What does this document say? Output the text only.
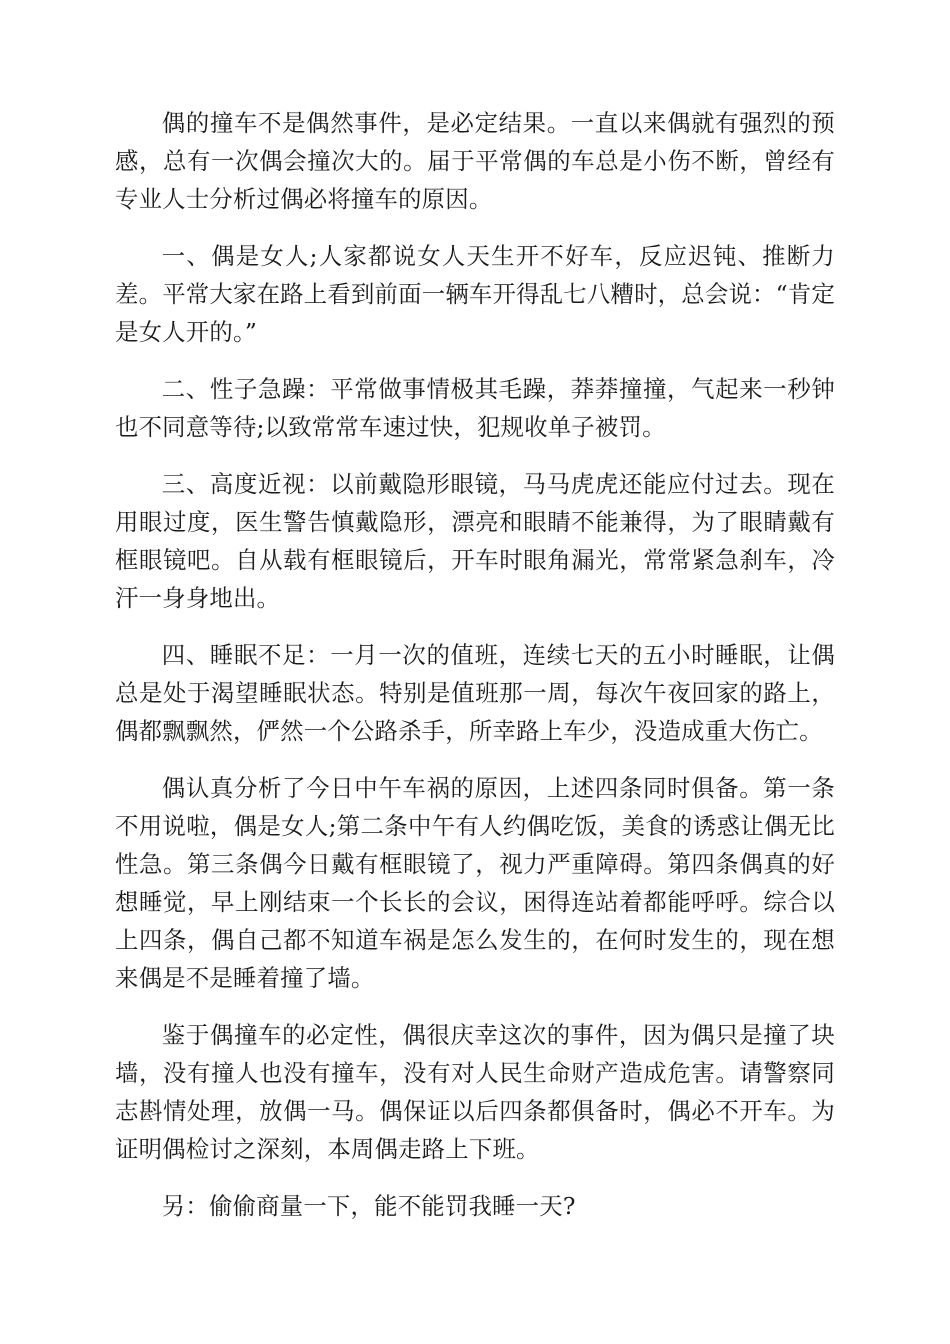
偶的撞车不是偶然事件，是必定结果。一直以来偶就有强烈的预感，总有一次偶会撞次大的。届于平常偶的车总是小伤不断，曾经有专业人士分析过偶必将撞车的原因。

一、偶是女人;人家都说女人天生开不好车，反应迟钝、推断力差。平常大家在路上看到前面一辆车开得乱七八糟时，总会说：“肯定是女人开的。”

二、性子急躁：平常做事情极其毛躁，莽莽撞撞，气起来一秒钟也不同意等待;以致常常车速过快，犯规收单子被罚。

三、高度近视：以前戴隐形眼镜，马马虎虎还能应付过去。现在用眼过度，医生警告慎戴隐形，漂亮和眼睛不能兼得，为了眼睛戴有框眼镜吧。自从载有框眼镜后，开车时眼角漏光，常常紧急刹车，冷汗一身身地出。

四、睡眠不足：一月一次的值班，连续七天的五小时睡眠，让偶总是处于渴望睡眠状态。特别是值班那一周，每次午夜回家的路上，偶都飘飘然，俨然一个公路杀手，所幸路上车少，没造成重大伤亡。

偶认真分析了今日中午车祸的原因，上述四条同时俱备。第一条不用说啦，偶是女人;第二条中午有人约偶吃饭，美食的诱惑让偶无比性急。第三条偶今日戴有框眼镜了，视力严重障碍。第四条偶真的好想睡觉，早上刚结束一个长长的会议，困得连站着都能呼呼。综合以上四条，偶自己都不知道车祸是怎么发生的，在何时发生的，现在想来偶是不是睡着撞了墙。

鉴于偶撞车的必定性，偶很庆幸这次的事件，因为偶只是撞了块墙，没有撞人也没有撞车，没有对人民生命财产造成危害。请警察同志斟情处理，放偶一马。偶保证以后四条都俱备时，偶必不开车。为证明偶检讨之深刻，本周偶走路上下班。

另：偷偷商量一下，能不能罚我睡一天?
